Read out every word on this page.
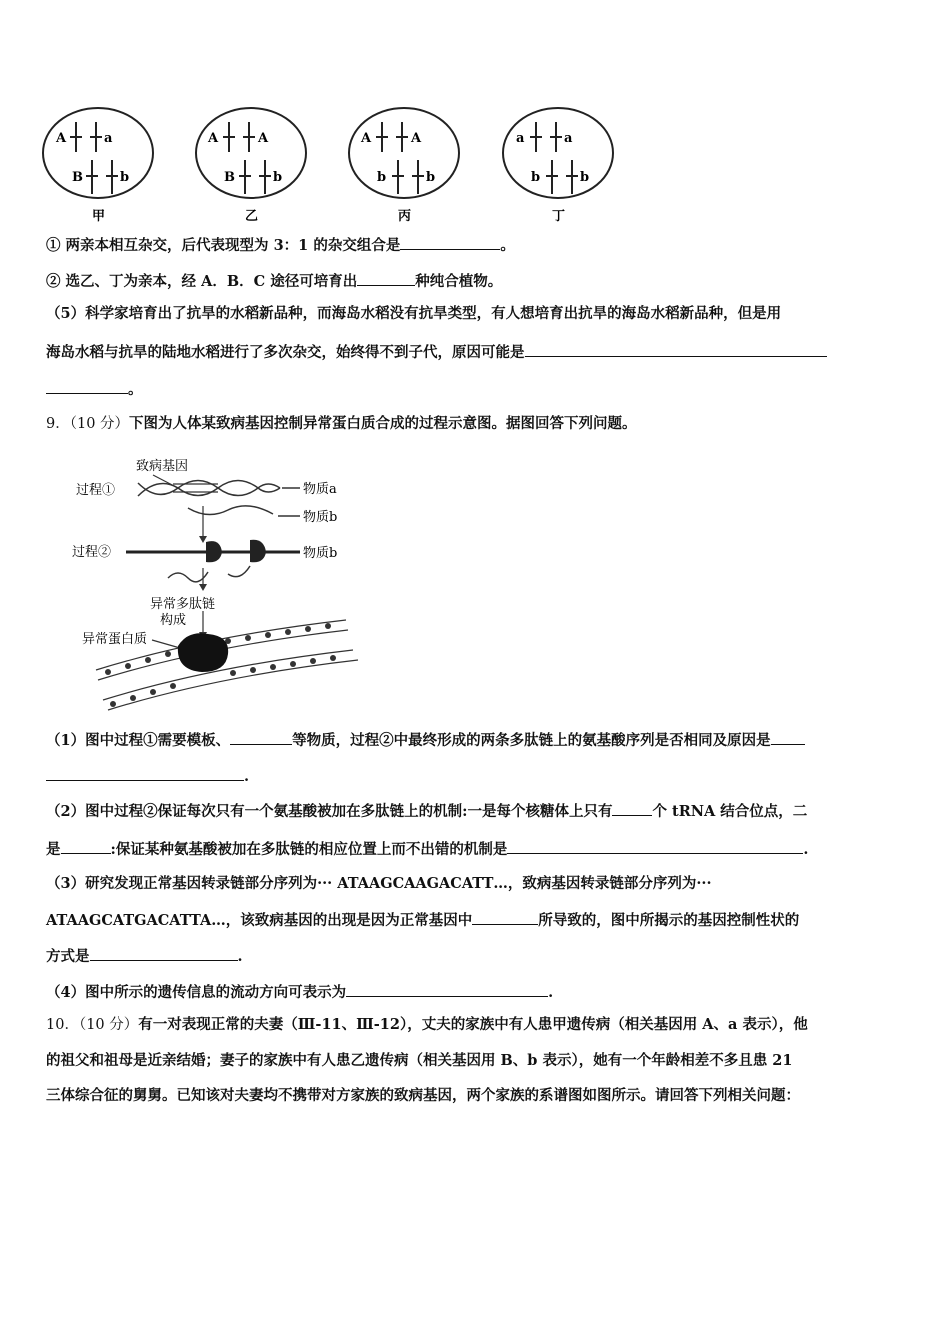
A	a
B	b
甲
A	A
B	b
乙
A	A
b	b
丙
a	a
b	b
丁
① 两亲本相互杂交，后代表现型为 3：1 的杂交组合是	。
② 选乙、丁为亲本，经 A．B．C 途径可培育出	种纯合植物。
（5）科学家培育出了抗旱的水稻新品种，而海岛水稻没有抗旱类型，有人想培育出抗旱的海岛水稻新品种，但是用
海岛水稻与抗旱的陆地水稻进行了多次杂交，始终得不到子代，原因可能是
。
9．（10 分）下图为人体某致病基因控制异常蛋白质合成的过程示意图。据图回答下列问题。
致病基因
过程①	物质a
物质b
过程②	物质b
异常多肽链
构成
异常蛋白质
（1）图中过程①需要模板、	等物质，过程②中最终形成的两条多肽链上的氨基酸序列是否相同及原因是
.
（2）图中过程②保证每次只有一个氨基酸被加在多肽链上的机制:一是每个核糖体上只有	个 tRNA 结合位点，二
是	:保证某种氨基酸被加在多肽链的相应位置上而不出错的机制是	.
（3）研究发现正常基因转录链部分序列为··· ATAAGCAAGACATT…，致病基因转录链部分序列为···
ATAAGCATGACATTA…，该致病基因的出现是因为正常基因中	所导致的，图中所揭示的基因控制性状的
方式是	.
（4）图中所示的遗传信息的流动方向可表示为	.
10．（10 分）有一对表现正常的夫妻（Ⅲ-11、Ⅲ-12），丈夫的家族中有人患甲遗传病（相关基因用 A、a 表示），他
的祖父和祖母是近亲结婚；妻子的家族中有人患乙遗传病（相关基因用 B、b 表示），她有一个年龄相差不多且患 21
三体综合征的舅舅。已知该对夫妻均不携带对方家族的致病基因，两个家族的系谱图如图所示。请回答下列相关问题：
